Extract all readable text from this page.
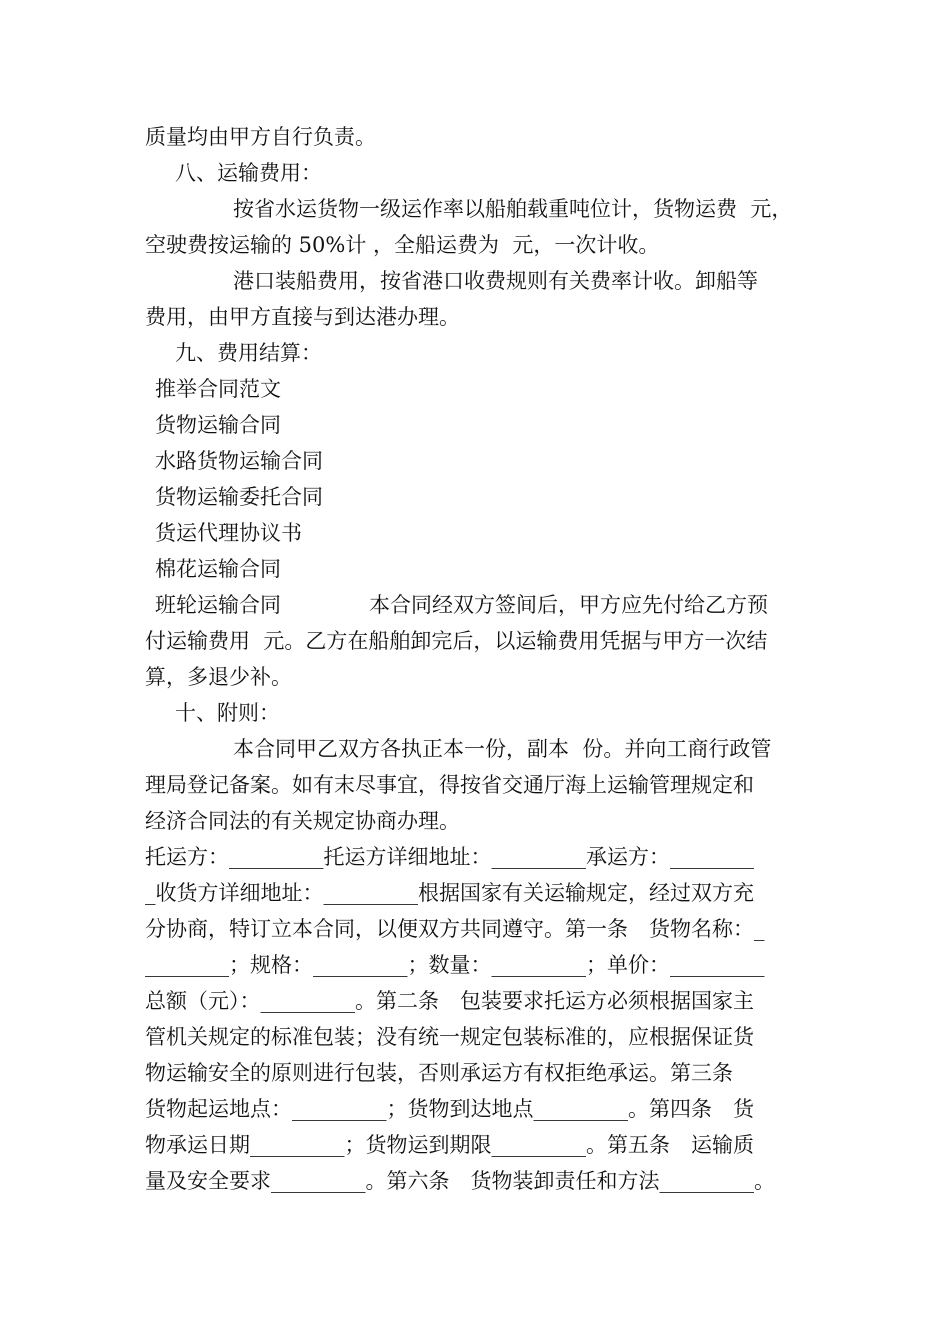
质量均由甲方自行负责。
八、运输费用：
按省水运货物一级运作率以船舶载重吨位计，货物运费  元，
空驶费按运输的 50%计 ，全船运费为  元，一次计收。
港口装船费用，按省港口收费规则有关费率计收。卸船等
费用，由甲方直接与到达港办理。
九、费用结算：
推举合同范文
货物运输合同
水路货物运输合同
货物运输委托合同
货运代理协议书
棉花运输合同
班轮运输合同	本合同经双方签间后，甲方应先付给乙方预
付运输费用  元。乙方在船舶卸完后，以运输费用凭据与甲方一次结
算，多退少补。
十、附则：
本合同甲乙双方各执正本一份，副本  份。并向工商行政管
理局登记备案。如有末尽事宜，得按省交通厅海上运输管理规定和
经济合同法的有关规定协商办理。
托运方：_________托运方详细地址：_________承运方：________
_收货方详细地址：_________根据国家有关运输规定，经过双方充
分协商，特订立本合同，以便双方共同遵守。第一条　货物名称：_
________；规格：_________；数量：_________；单价：_________
总额（元）：_________。第二条　包装要求托运方必须根据国家主
管机关规定的标准包装；没有统一规定包装标准的，应根据保证货
物运输安全的原则进行包装，否则承运方有权拒绝承运。第三条
货物起运地点：_________；货物到达地点_________。第四条　货
物承运日期_________；货物运到期限_________。第五条　运输质
量及安全要求_________。第六条　货物装卸责任和方法_________。
